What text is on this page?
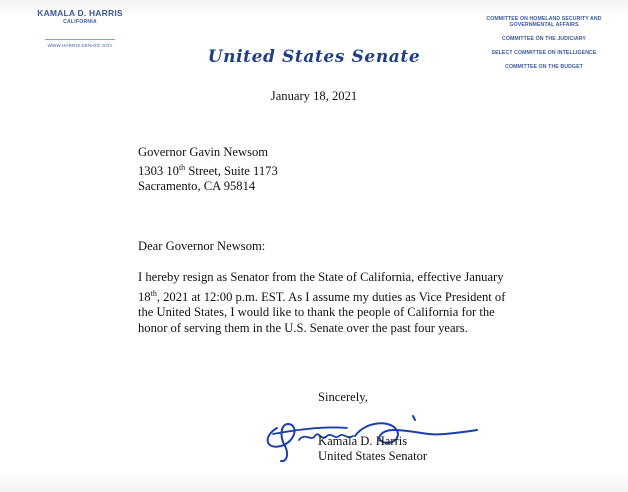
KAMALA D. HARRIS
CALIFORNIA
WWW.HARRIS.SENATE.GOV
COMMITTEE ON HOMELAND SECURITY AND GOVERNMENTAL AFFAIRS
COMMITTEE ON THE JUDICIARY
SELECT COMMITTEE ON INTELLIGENCE
COMMITTEE ON THE BUDGET
United States Senate
January 18, 2021
Governor Gavin Newsom
1303 10th Street, Suite 1173
Sacramento, CA 95814
Dear Governor Newsom:
I hereby resign as Senator from the State of California, effective January 18th, 2021 at 12:00 p.m. EST. As I assume my duties as Vice President of the United States, I would like to thank the people of California for the honor of serving them in the U.S. Senate over the past four years.
Sincerely,
Kamala D. Harris
United States Senator
